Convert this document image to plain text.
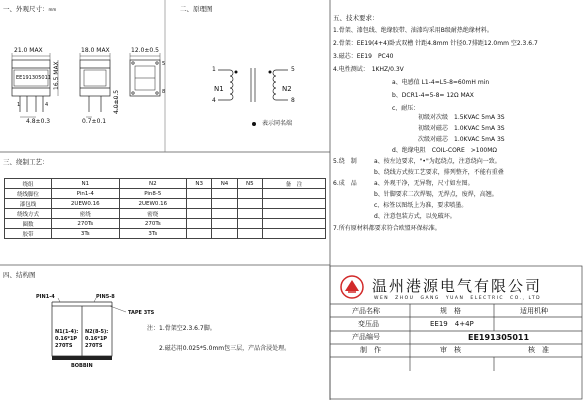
一、外观尺寸：mm	二、原理图
三、绕制工艺：
四、结构图
五、技术要求：
21.0 MAX	18.0 MAX	12.0±0.5
16.5 MAX
4.0±0.5
4.8±0.3	0.7±0.1
EE191305011
1	4
5
8
1
4
5
8
N1	N2
表示同名端
绕组	N1	N2	N3	N4	N5	备　注
绕线脚位	Pin1-4	Pin8-5				
漆包线	2UEW0.16	2UEW0.16				
绕线方式	密绕	密绕				
圈数	270Ts	270Ts				
胶带	3Ts	3Ts				
1.骨架、漆包线、绝缘胶带、油漆均采用B级耐热绝缘材料。
2.骨架：EE19(4+4)卧式双槽 针距4.8mm 针径0.7排距12.0mm 空2.3.6.7
3.磁芯：EE19　PC40
4.电性测试：　1KHZ/0.3V
a、电感值 L1-4=L5-8=60mH min
b、DCR1-4=5-8= 12Ω MAX
c、耐压：
初级对次级　1.5KVAC 5mA 3S
初级对磁芯　1.0KVAC 5mA 3S
次级对磁芯　1.0KVAC 5mA 3S
d、绝缘电阻　COIL-CORE　>100MΩ
5.绕　制	a、按左边要求，"•"为起绕点，注意绕向一致。
b、绕线方式按工艺要求，排列整齐，不能有重叠
6.成　品	a、外观干净，无异物，尺寸如左图。
b、针脚要求二次焊锡，无焊点，废焊，高翘。
c、标签以图纸上为准，要求喷墨。
d、注意包装方式，以免破坏。
7.所有原材料都要求符合欧盟环保标准。
PIN1-4	PIN5-8
TAPE 3TS
N1(1-4):
0.16*1P
270TS
N2(8-5):
0.16*1P
270TS
BOBBIN
注：1.骨架空2.3.6.7脚。
2.磁芯用0.025*5.0mm包三层，产品含浸处理。
温州港源电气有限公司
WEN　ZHOU　GANG　YUAN　ELECTRIC　CO.，LTD
产品名称	规　格	适用机种
变压品	EE19　4+4P
产品编号	EE191305011
制　作	审　核	核　准
